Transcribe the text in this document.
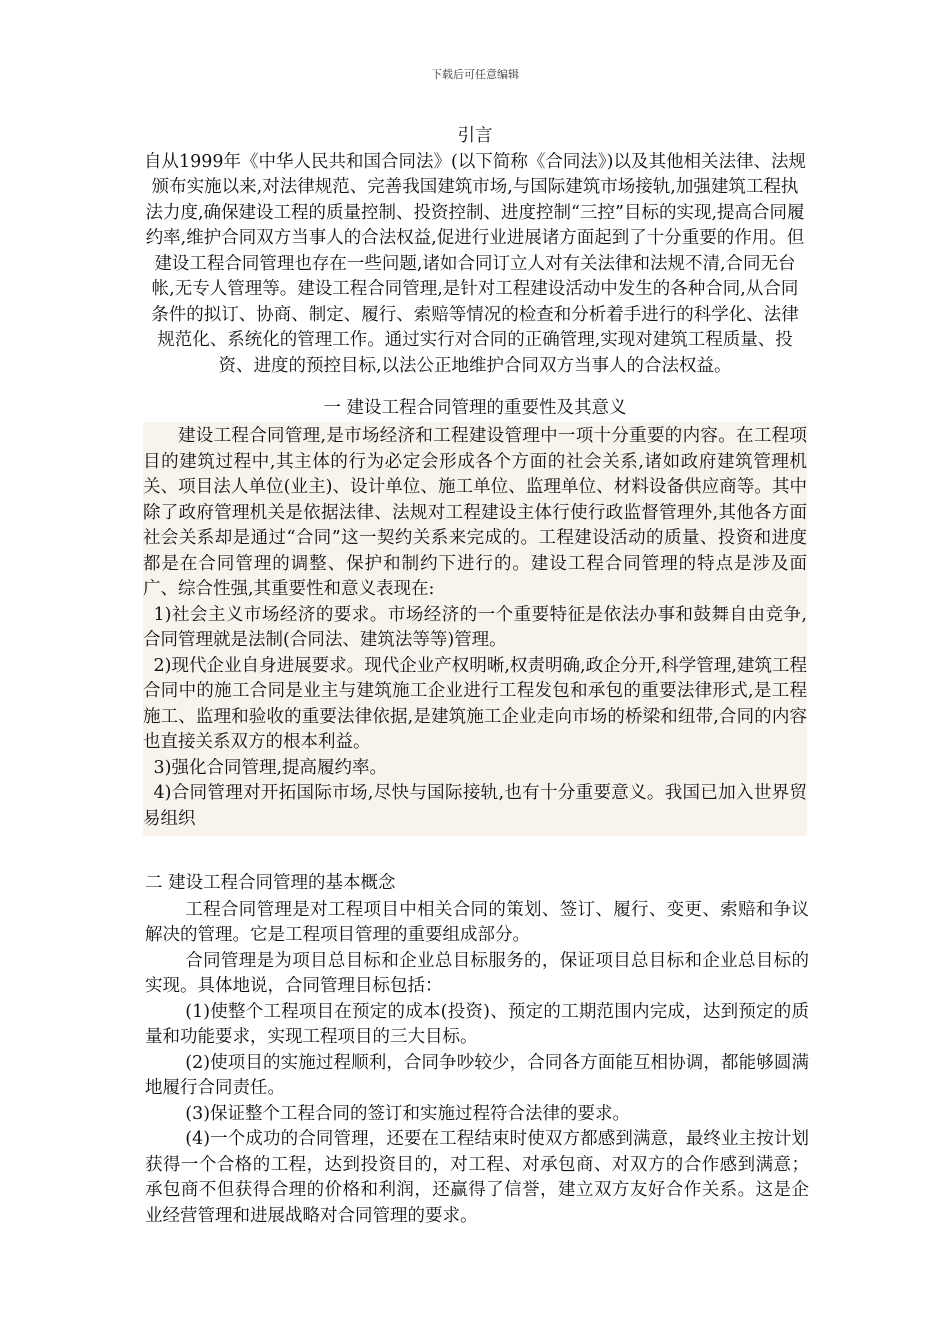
下载后可任意编辑
引言
自从1999年《中华人民共和国合同法》(以下简称《合同法》)以及其他相关法律、法规颁布实施以来,对法律规范、完善我国建筑市场,与国际建筑市场接轨,加强建筑工程执法力度,确保建设工程的质量控制、投资控制、进度控制“三控”目标的实现,提高合同履约率,维护合同双方当事人的合法权益,促进行业进展诸方面起到了十分重要的作用。但建设工程合同管理也存在一些问题,诸如合同订立人对有关法律和法规不清,合同无台帐,无专人管理等。建设工程合同管理,是针对工程建设活动中发生的各种合同,从合同条件的拟订、协商、制定、履行、索赔等情况的检查和分析着手进行的科学化、法律规范化、系统化的管理工作。通过实行对合同的正确管理,实现对建筑工程质量、投资、进度的预控目标,以法公正地维护合同双方当事人的合法权益。
一 建设工程合同管理的重要性及其意义

建设工程合同管理,是市场经济和工程建设管理中一项十分重要的内容。在工程项目的建筑过程中,其主体的行为必定会形成各个方面的社会关系,诸如政府建筑管理机关、项目法人单位(业主)、设计单位、施工单位、监理单位、材料设备供应商等。其中除了政府管理机关是依据法律、法规对工程建设主体行使行政监督管理外,其他各方面社会关系却是通过“合同”这一契约关系来完成的。工程建设活动的质量、投资和进度都是在合同管理的调整、保护和制约下进行的。建设工程合同管理的特点是涉及面广、综合性强,其重要性和意义表现在:

1)社会主义市场经济的要求。市场经济的一个重要特征是依法办事和鼓舞自由竞争,合同管理就是法制(合同法、建筑法等等)管理。

2)现代企业自身进展要求。现代企业产权明晰,权责明确,政企分开,科学管理,建筑工程合同中的施工合同是业主与建筑施工企业进行工程发包和承包的重要法律形式,是工程施工、监理和验收的重要法律依据,是建筑施工企业走向市场的桥梁和纽带,合同的内容也直接关系双方的根本利益。

3)强化合同管理,提高履约率。

4)合同管理对开拓国际市场,尽快与国际接轨,也有十分重要意义。我国已加入世界贸易组织

二 建设工程合同管理的基本概念

工程合同管理是对工程项目中相关合同的策划、签订、履行、变更、索赔和争议解决的管理。它是工程项目管理的重要组成部分。

合同管理是为项目总目标和企业总目标服务的，保证项目总目标和企业总目标的实现。具体地说，合同管理目标包括：

(1)使整个工程项目在预定的成本(投资)、预定的工期范围内完成，达到预定的质量和功能要求，实现工程项目的三大目标。

(2)使项目的实施过程顺利，合同争吵较少，合同各方面能互相协调，都能够圆满地履行合同责任。

(3)保证整个工程合同的签订和实施过程符合法律的要求。

(4)一个成功的合同管理，还要在工程结束时使双方都感到满意，最终业主按计划获得一个合格的工程，达到投资目的，对工程、对承包商、对双方的合作感到满意；承包商不但获得合理的价格和利润，还赢得了信誉，建立双方友好合作关系。这是企业经营管理和进展战略对合同管理的要求。
